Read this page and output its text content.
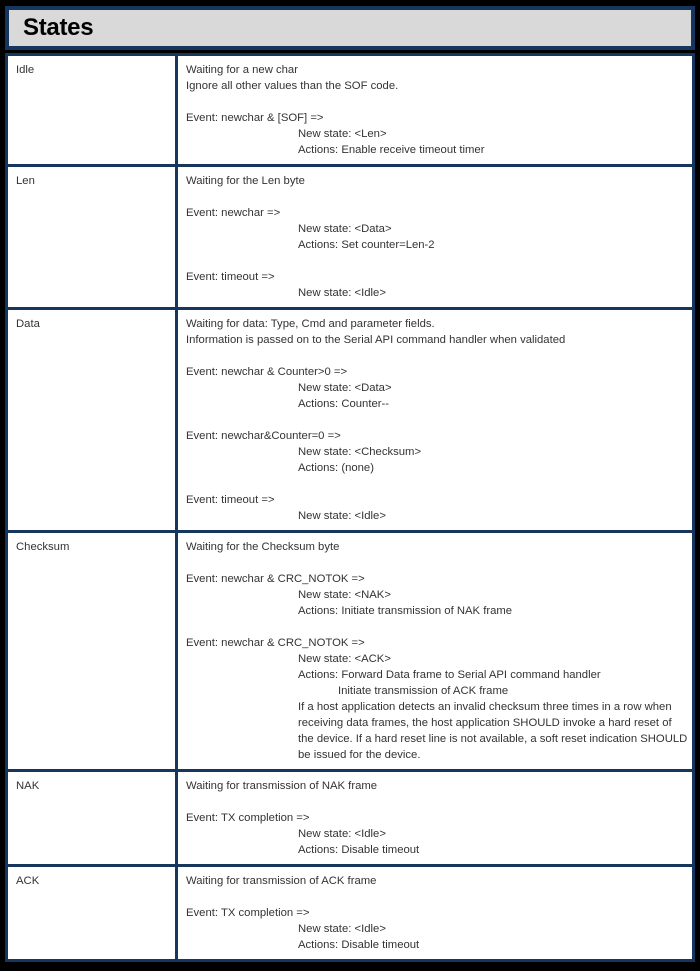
States
Idle	Waiting for a new char
Ignore all other values than the SOF code.

Event: newchar & [SOF] =>
New state: <Len>
Actions: Enable receive timeout timer
Len	Waiting for the Len byte

Event: newchar =>
New state: <Data>
Actions: Set counter=Len-2

Event: timeout =>
New state: <Idle>
Data	Waiting for data: Type, Cmd and parameter fields.
Information is passed on to the Serial API command handler when validated

Event: newchar & Counter>0 =>
New state: <Data>
Actions: Counter--

Event: newchar&Counter=0 =>
New state: <Checksum>
Actions: (none)

Event: timeout =>
New state: <Idle>
Checksum	Waiting for the Checksum byte

Event: newchar & CRC_NOTOK =>
New state: <NAK>
Actions: Initiate transmission of NAK frame

Event: newchar & CRC_NOTOK =>
New state: <ACK>
Actions: Forward Data frame to Serial API command handler
Initiate transmission of ACK frame
If a host application detects an invalid checksum three times in a row when
receiving data frames, the host application SHOULD invoke a hard reset of
the device. If a hard reset line is not available, a soft reset indication SHOULD
be issued for the device.
NAK	Waiting for transmission of NAK frame

Event: TX completion =>
New state: <Idle>
Actions: Disable timeout
ACK	Waiting for transmission of ACK frame

Event: TX completion =>
New state: <Idle>
Actions: Disable timeout
